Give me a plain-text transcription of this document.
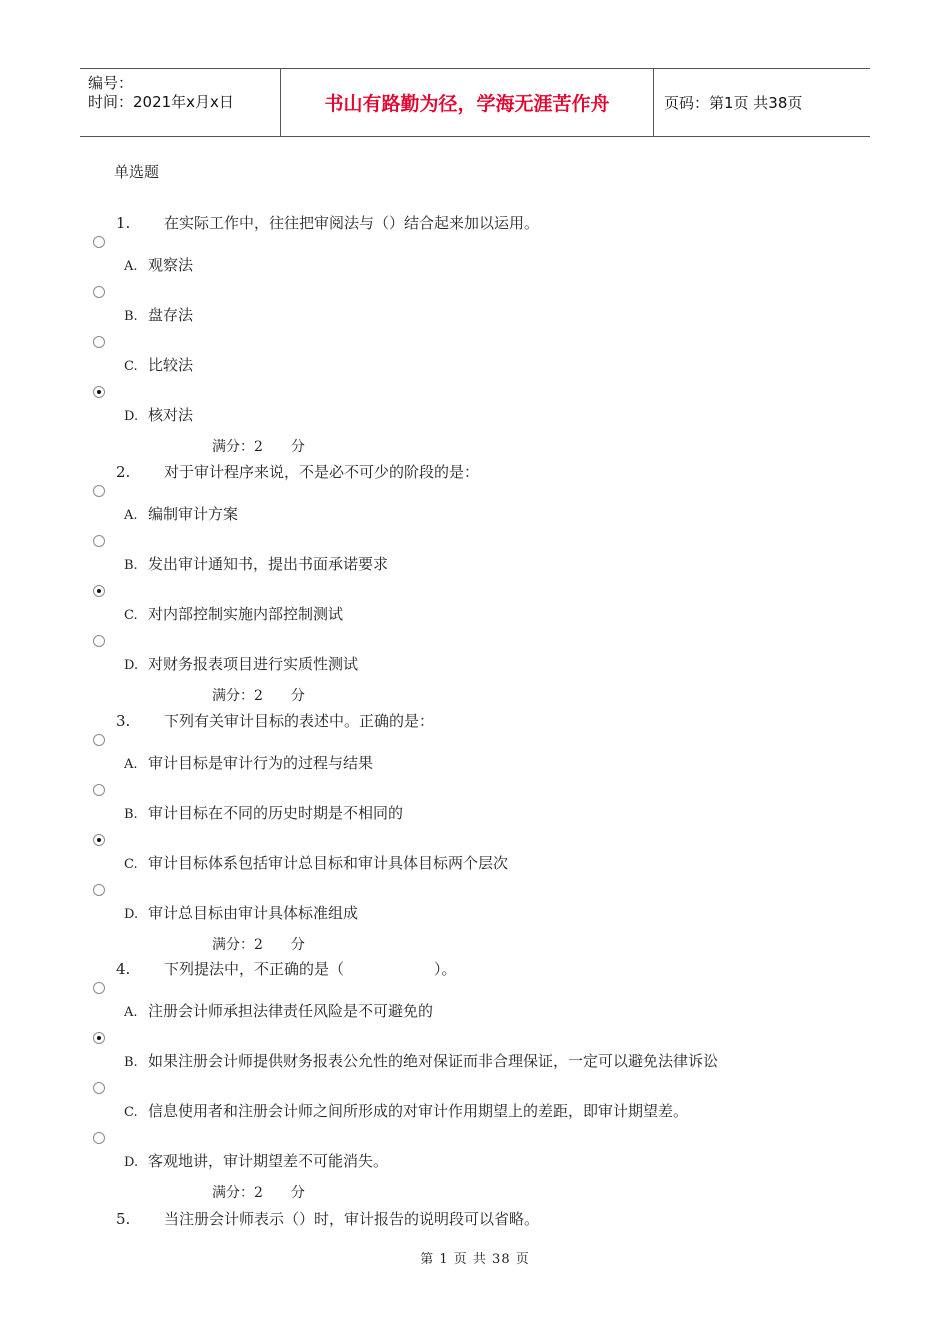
编号：
时间：2021年x月x日	书山有路勤为径，学海无涯苦作舟	页码：第1页 共38页
单选题
1. 在实际工作中，往往把审阅法与（）结合起来加以运用。
A. 观察法
B. 盘存法
C. 比较法
D. 核对法
满分：2 分
2. 对于审计程序来说，不是必不可少的阶段的是：
A. 编制审计方案
B. 发出审计通知书，提出书面承诺要求
C. 对内部控制实施内部控制测试
D. 对财务报表项目进行实质性测试
满分：2 分
3. 下列有关审计目标的表述中。正确的是：
A. 审计目标是审计行为的过程与结果
B. 审计目标在不同的历史时期是不相同的
C. 审计目标体系包括审计总目标和审计具体目标两个层次
D. 审计总目标由审计具体标准组成
满分：2 分
4. 下列提法中，不正确的是（　　　　　　）。
A. 注册会计师承担法律责任风险是不可避免的
B. 如果注册会计师提供财务报表公允性的绝对保证而非合理保证，一定可以避免法律诉讼
C. 信息使用者和注册会计师之间所形成的对审计作用期望上的差距，即审计期望差。
D. 客观地讲，审计期望差不可能消失。
满分：2 分
5. 当注册会计师表示（）时，审计报告的说明段可以省略。
第 1 页 共 38 页
